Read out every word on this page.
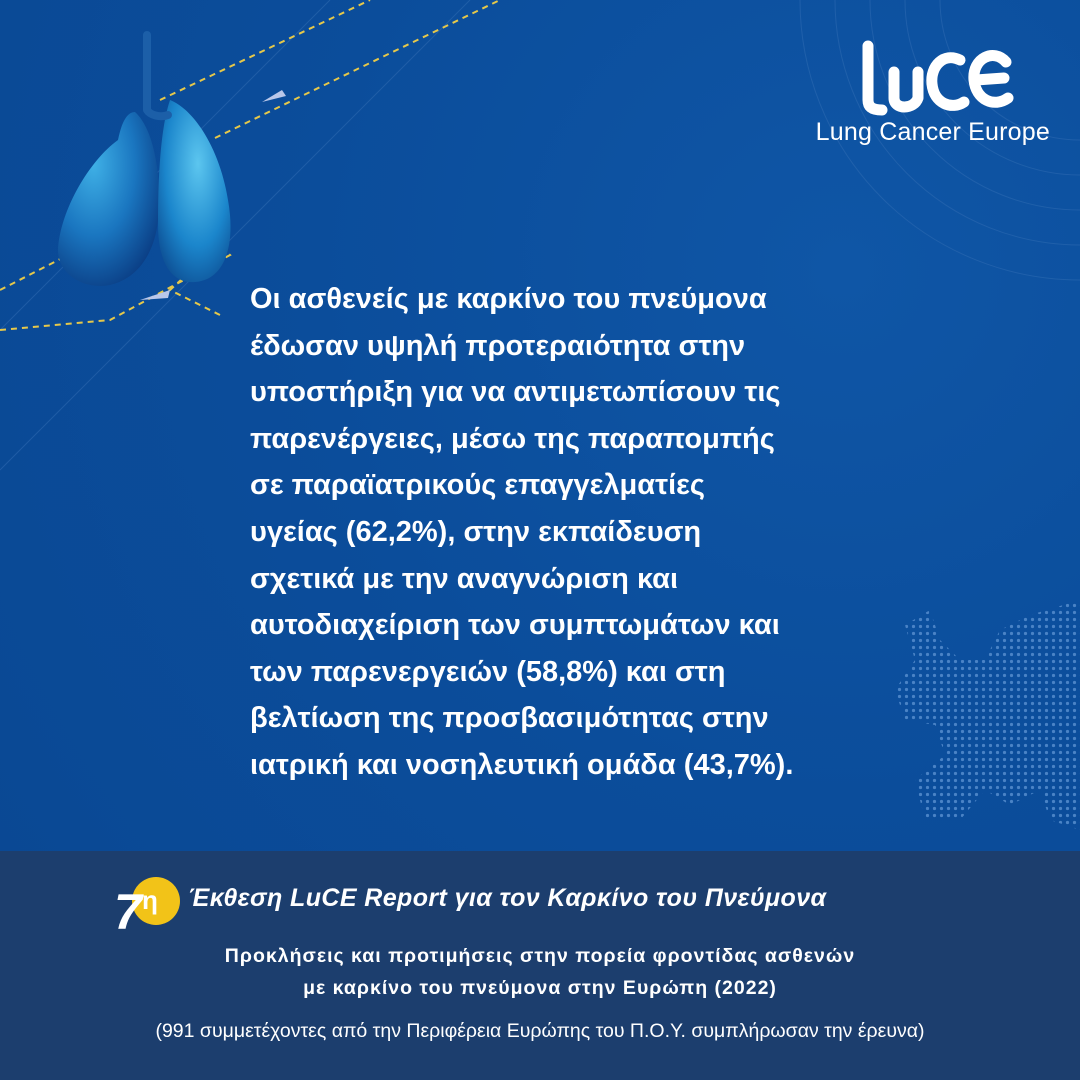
LuCE
Lung Cancer Europe
Οι ασθενείς με καρκίνο του πνεύμονα
έδωσαν υψηλή προτεραιότητα στην
υποστήριξη για να αντιμετωπίσουν τις
παρενέργειες, μέσω της παραπομπής
σε παραϊατρικούς επαγγελματίες
υγείας (62,2%), στην εκπαίδευση
σχετικά με την αναγνώριση και
αυτοδιαχείριση των συμπτωμάτων και
των παρενεργειών (58,8%) και στη
βελτίωση της προσβασιμότητας στην
ιατρική και νοσηλευτική ομάδα (43,7%).
7 η Έκθεση LuCE Report για τον Καρκίνο του Πνεύμονα
Προκλήσεις και προτιμήσεις στην πορεία φροντίδας ασθενών
με καρκίνο του πνεύμονα στην Ευρώπη (2022)
(991 συμμετέχοντες από την Περιφέρεια Ευρώπης του Π.Ο.Υ. συμπλήρωσαν την έρευνα)
